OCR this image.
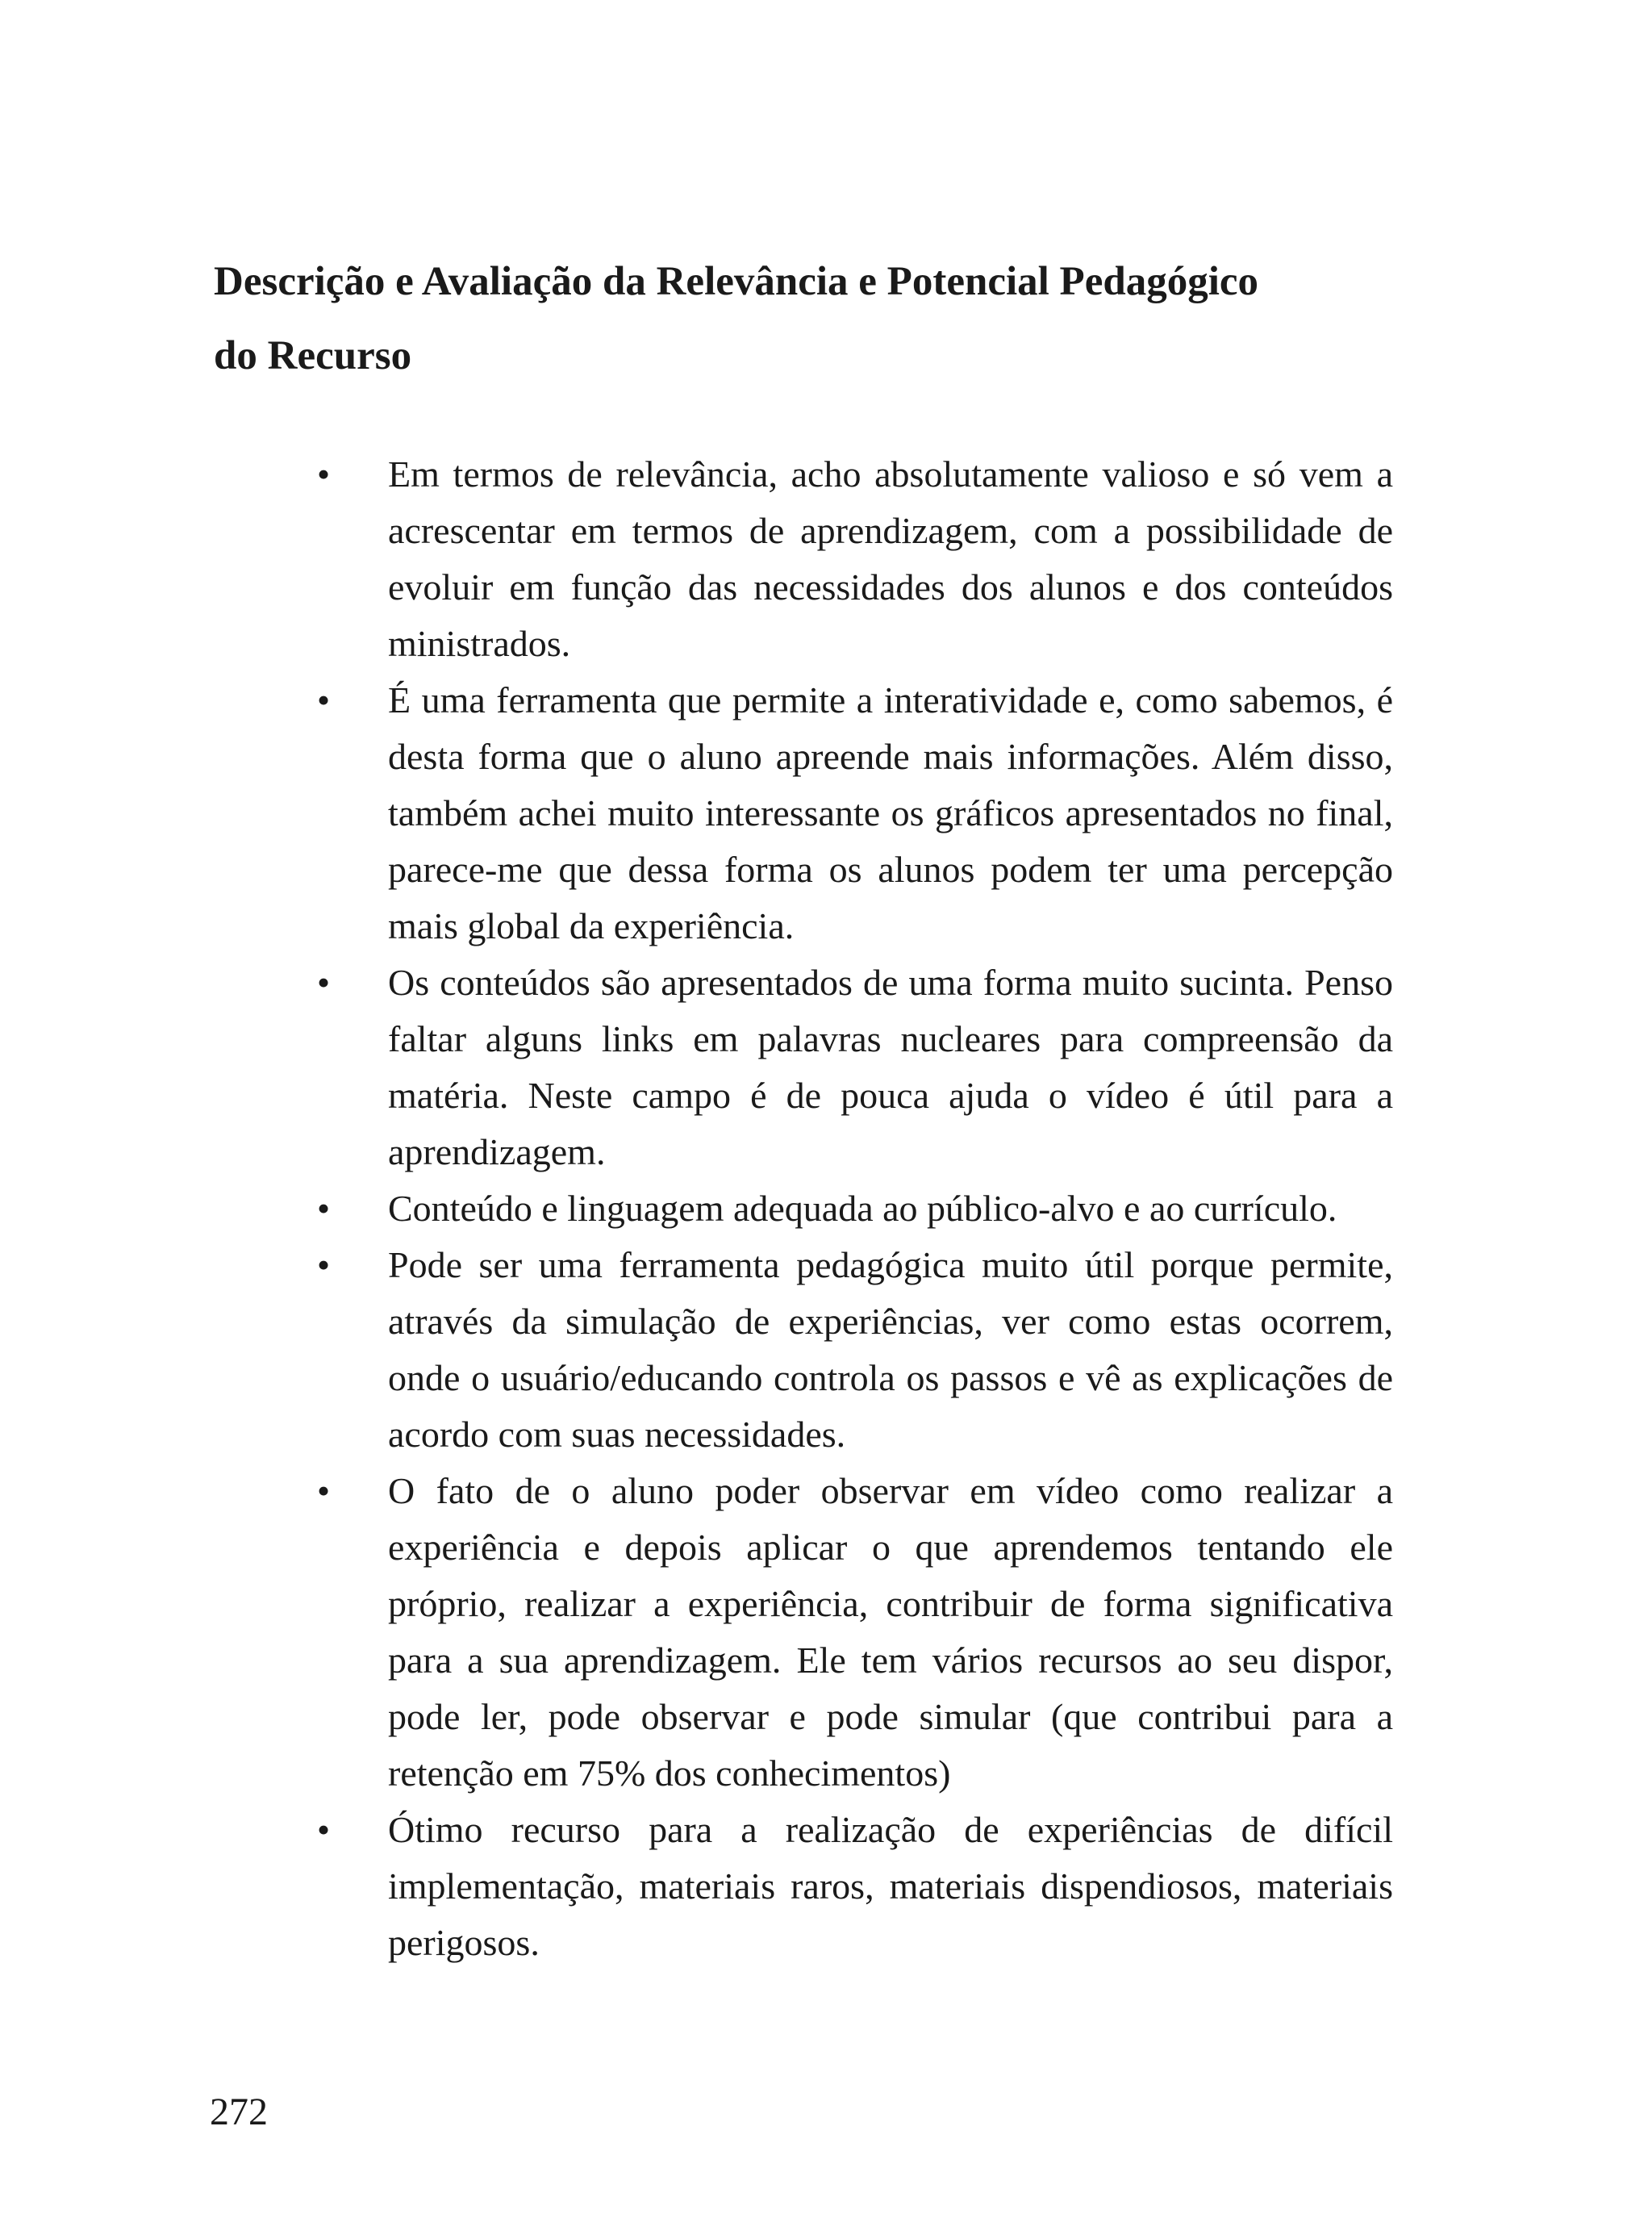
Descrição e Avaliação da Relevância e Potencial Pedagógico
do Recurso
• Em termos de relevância, acho absolutamente valioso e só vem a acrescentar em termos de aprendizagem, com a possibilidade de evoluir em função das necessidades dos alunos e dos conteúdos ministrados.
• É uma ferramenta que permite a interatividade e, como sabemos, é desta forma que o aluno apreende mais informações. Além disso, também achei muito interessante os gráficos apresentados no final, parece-me que dessa forma os alunos podem ter uma percepção mais global da experiência.
• Os conteúdos são apresentados de uma forma muito sucinta. Penso faltar alguns links em palavras nucleares para compreensão da matéria. Neste campo é de pouca ajuda o vídeo é útil para a aprendizagem.
• Conteúdo e linguagem adequada ao público-alvo e ao currículo.
• Pode ser uma ferramenta pedagógica muito útil porque permite, através da simulação de experiências, ver como estas ocorrem, onde o usuário/educando controla os passos e vê as explicações de acordo com suas necessidades.
• O fato de o aluno poder observar em vídeo como realizar a experiência e depois aplicar o que aprendemos tentando ele próprio, realizar a experiência, contribuir de forma significativa para a sua aprendizagem. Ele tem vários recursos ao seu dispor, pode ler, pode observar e pode simular (que contribui para a retenção em 75% dos conhecimentos)
• Ótimo recurso para a realização de experiências de difícil implementação, materiais raros, materiais dispendiosos, materiais perigosos.
272
